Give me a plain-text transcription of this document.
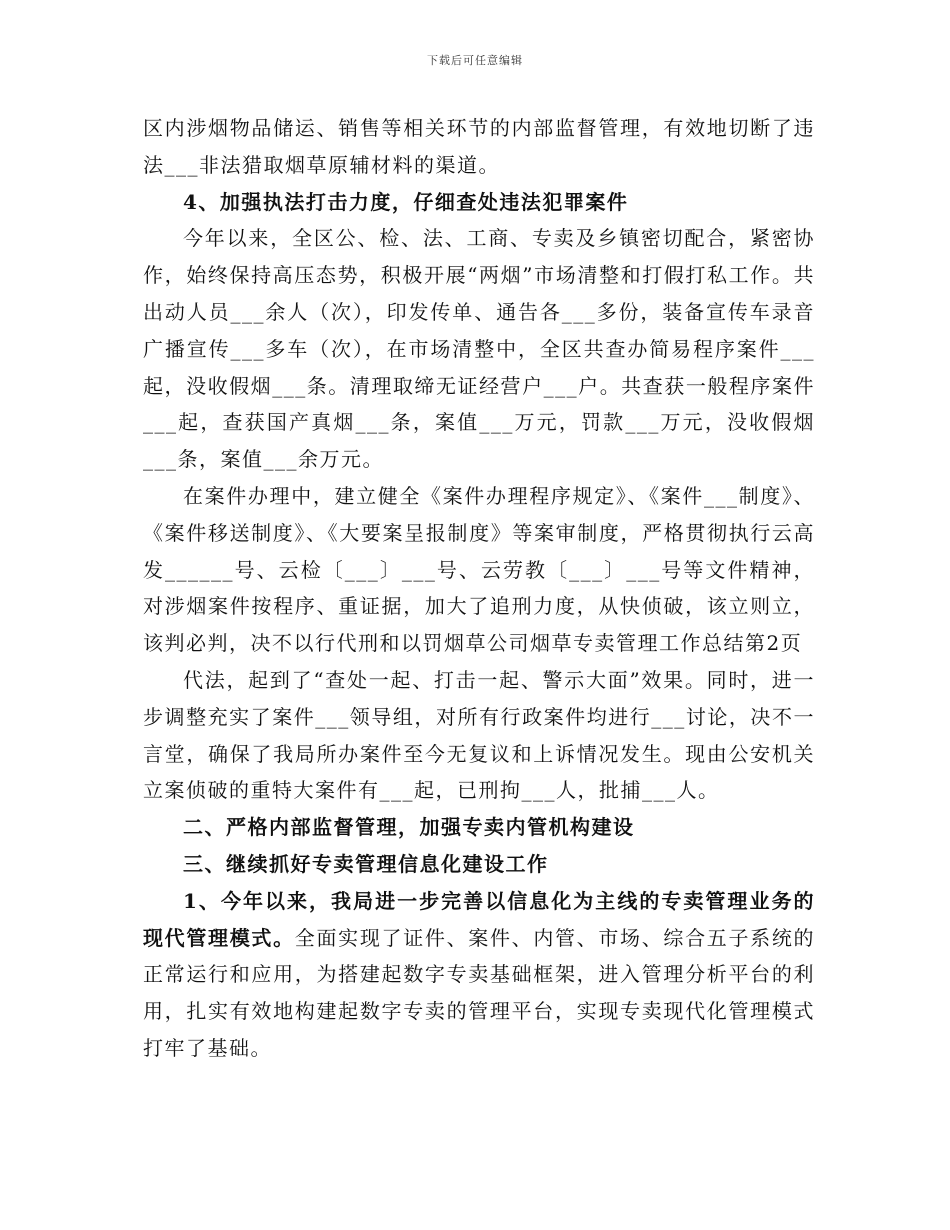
下载后可任意编辑

区内涉烟物品储运、销售等相关环节的内部监督管理，有效地切断了违法___非法猎取烟草原辅材料的渠道。

4、加强执法打击力度，仔细查处违法犯罪案件

今年以来，全区公、检、法、工商、专卖及乡镇密切配合，紧密协作，始终保持高压态势，积极开展“两烟”市场清整和打假打私工作。共出动人员___余人（次），印发传单、通告各___多份，装备宣传车录音广播宣传___多车（次），在市场清整中，全区共查办简易程序案件___起，没收假烟___条。清理取缔无证经营户___户。共查获一般程序案件___起，查获国产真烟___条，案值___万元，罚款___万元，没收假烟___条，案值___余万元。

在案件办理中，建立健全《案件办理程序规定》、《案件___制度》、《案件移送制度》、《大要案呈报制度》等案审制度，严格贯彻执行云高发______号、云检〔___〕___号、云劳教〔___〕___号等文件精神，对涉烟案件按程序、重证据，加大了追刑力度，从快侦破，该立则立，该判必判，决不以行代刑和以罚烟草公司烟草专卖管理工作总结第2页

代法，起到了“查处一起、打击一起、警示大面”效果。同时，进一步调整充实了案件___领导组，对所有行政案件均进行___讨论，决不一言堂，确保了我局所办案件至今无复议和上诉情况发生。现由公安机关立案侦破的重特大案件有___起，已刑拘___人，批捕___人。

二、严格内部监督管理，加强专卖内管机构建设

三、继续抓好专卖管理信息化建设工作

1、今年以来，我局进一步完善以信息化为主线的专卖管理业务的现代管理模式。全面实现了证件、案件、内管、市场、综合五子系统的正常运行和应用，为搭建起数字专卖基础框架，进入管理分析平台的利用，扎实有效地构建起数字专卖的管理平台，实现专卖现代化管理模式打牢了基础。
